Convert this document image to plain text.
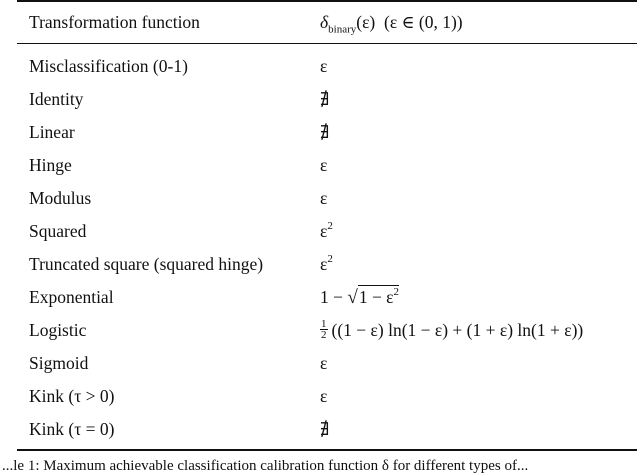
Transformation function	$\delta_{binary}(\varepsilon)$ (ε ∈ (0, 1))
Misclassification (0-1)	ε
Identity	∄
Linear	∄
Hinge	ε
Modulus	ε
Squared	$\varepsilon^2$
Truncated square (squared hinge)	$\varepsilon^2$
Exponential	$1 - √1 - \varepsilon^2$
Logistic	$\frac{1}{2} ((1 - \varepsilon) \ln(1 - \varepsilon) + (1 + \varepsilon) \ln(1 + \varepsilon))$
Sigmoid	ε
Kink (τ > 0)	ε
Kink (τ = 0)	∄
...le 1: Maximum achievable classification calibration function δ for different types of...
